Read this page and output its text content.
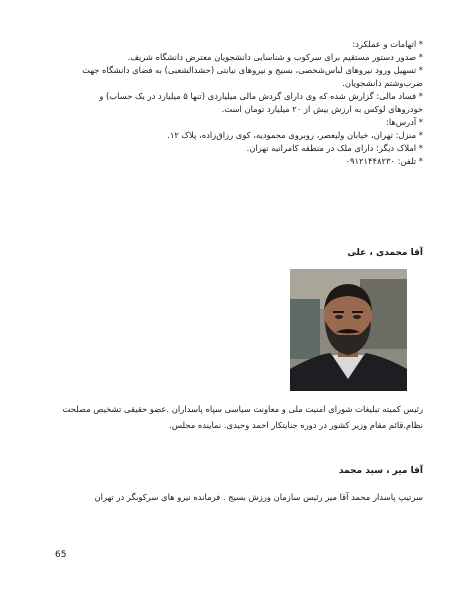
* اتهامات و عملکرد:
* صدور دستور مستقیم برای سرکوب و شناسایی دانشجویان معترض دانشگاه شریف.
* تسهیل ورود نیروهای لباس‌شخصی، بسیج و نیروهای نیابتی (حشدالشعبی) به فضای دانشگاه جهت
ضرب‌وشتم دانشجویان.
* فساد مالی: گزارش شده که وی دارای گردش مالی میلیاردی (تنها ۵ میلیارد در یک حساب) و
خودروهای لوکس به ارزش بیش از ۲۰ میلیارد تومان است.
* آدرس‌ها:
* منزل: تهران، خیابان ولیعصر، روبروی محمودیه، کوی رزاق‌زاده، پلاک ۱۲.
* املاک دیگر: دارای ملک در منطقه کامرانیه تهران.
* تلفن: ۰۹۱۲۱۴۴۸۲۳۰
آقا محمدی ، علی
رئیس کمیته تبلیغات شورای امنیت ملی و معاونت سیاسی سپاه پاسداران .عضو حقیقی تشخیص مصلحت نظام.قائم مقام وزیر کشور در دوره جنایتکار احمد وحیدی. نماینده مجلس.
آقا میر ، سید محمد
سرتیپ پاسدار محمد آقا میر رئیس سازمان ورزش بسیج . فرمانده نیرو های سرکوبگر در تهران
65
